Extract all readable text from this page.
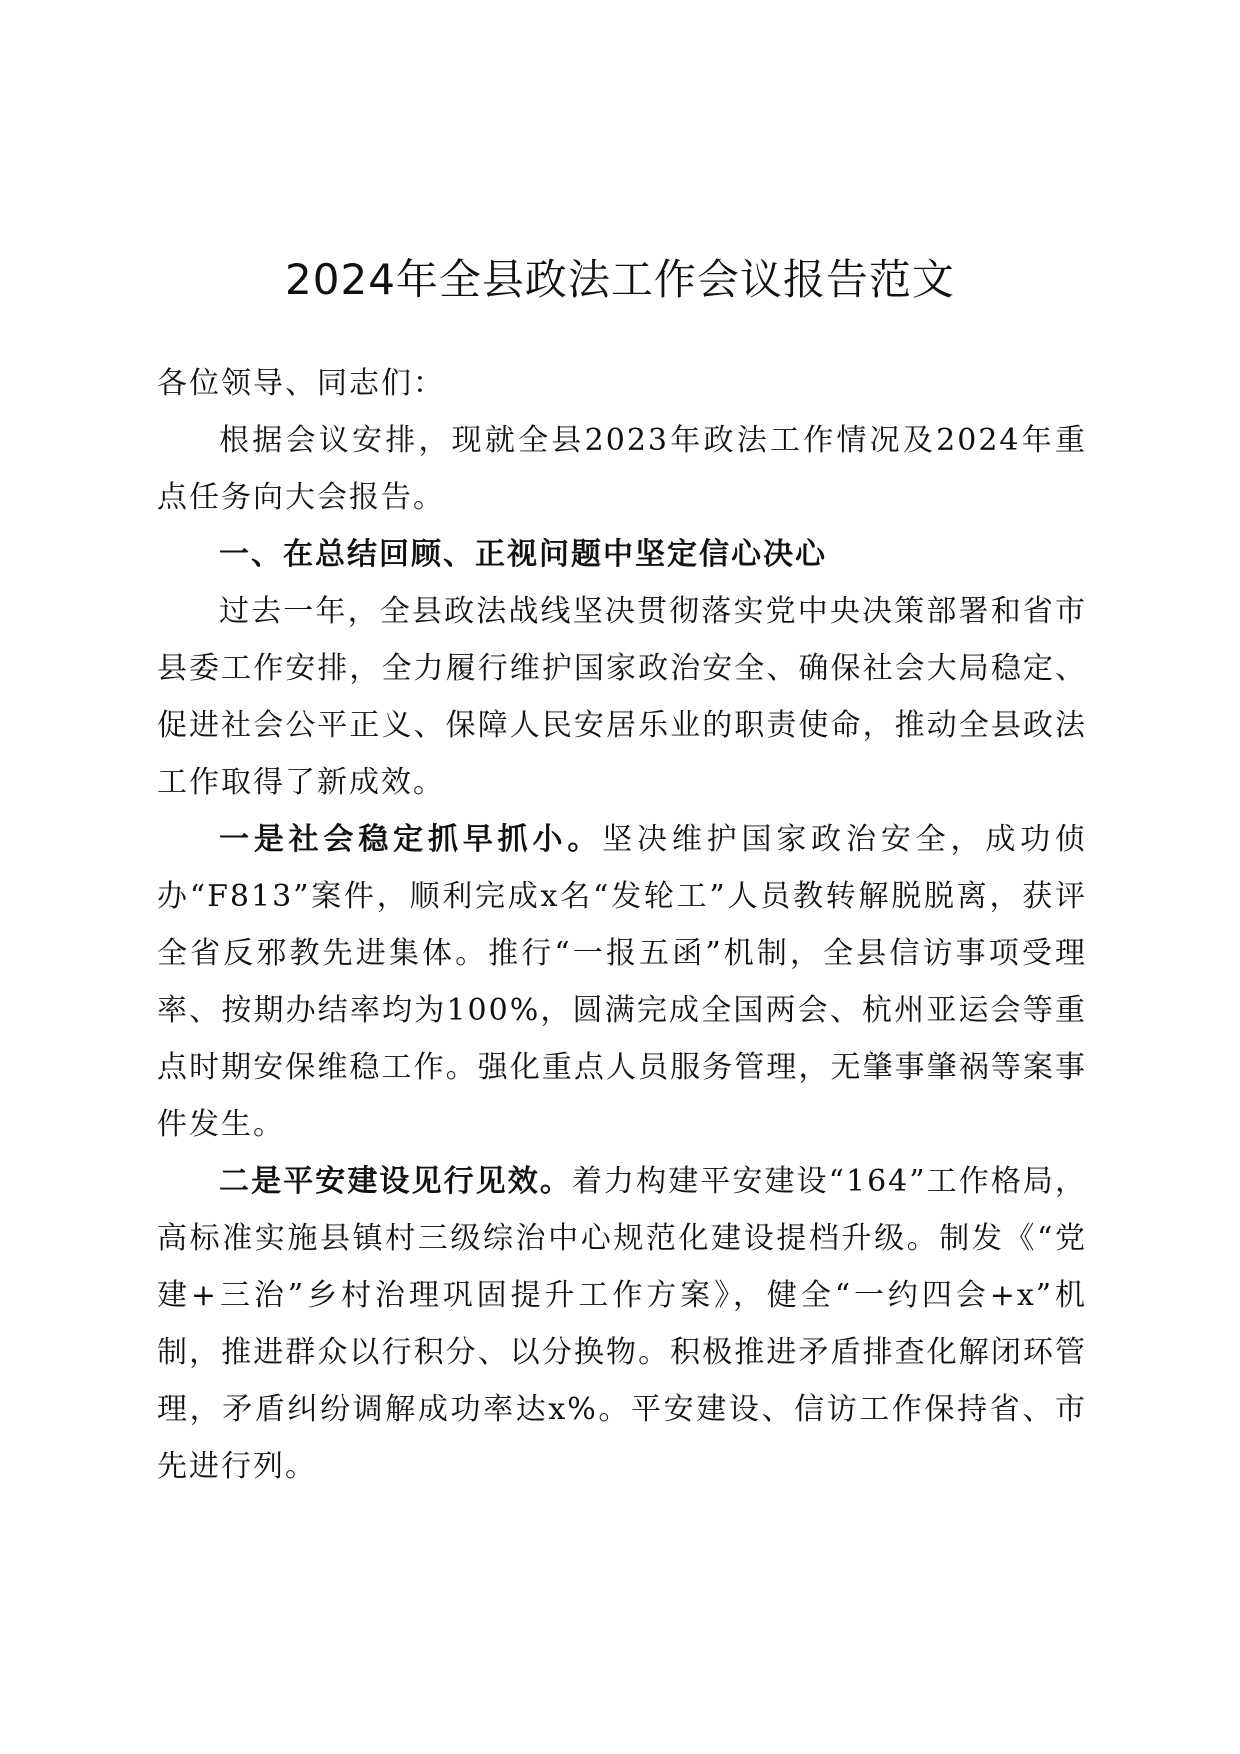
2024年全县政法工作会议报告范文

各位领导、同志们：

根据会议安排，现就全县2023年政法工作情况及2024年重点任务向大会报告。

一、在总结回顾、正视问题中坚定信心决心

过去一年，全县政法战线坚决贯彻落实党中央决策部署和省市县委工作安排，全力履行维护国家政治安全、确保社会大局稳定、促进社会公平正义、保障人民安居乐业的职责使命，推动全县政法工作取得了新成效。

一是社会稳定抓早抓小。坚决维护国家政治安全，成功侦办“F813”案件，顺利完成x名“发轮工”人员教转解脱脱离，获评全省反邪教先进集体。推行“一报五函”机制，全县信访事项受理率、按期办结率均为100%，圆满完成全国两会、杭州亚运会等重点时期安保维稳工作。强化重点人员服务管理，无肇事肇祸等案事件发生。

二是平安建设见行见效。着力构建平安建设“164”工作格局，高标准实施县镇村三级综治中心规范化建设提档升级。制发《“党建+三治”乡村治理巩固提升工作方案》，健全“一约四会+x”机制，推进群众以行积分、以分换物。积极推进矛盾排查化解闭环管理，矛盾纠纷调解成功率达x%。平安建设、信访工作保持省、市先进行列。
